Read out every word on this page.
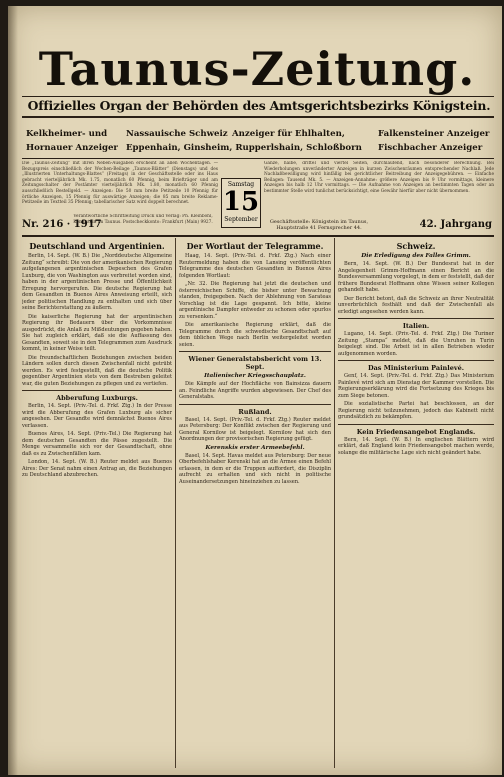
Taunus-Zeitung.
Offizielles Organ der Behörden des Amtsgerichtsbezirks Königstein.
Kelkheimer- und Nassauische Schweiz Anzeiger für Ehlhalten,	Falkensteiner Anzeiger
Hornauer Anzeiger Eppenhain, Ginsheim, Rupperlshain, Schloßborn Fischbacher Anzeiger
Die „Taunus-Zeitung“ mit ihren Neben-Ausgaben erscheint an allen Wochentagen. — Bezugspreis einschließlich der Wochen-Beilage „Taunus-Blätter“ (Dienstags) und des „Illustrierten Unterhaltungs-Blattes“ (Freitags) in der Geschäftsstelle oder ins Haus gebracht vierteljährlich Mk. 1.75, monatlich 60 Pfennig, beim Briefträger und am Zeitungsschalter der Postämter vierteljährlich Mk. 1.80, monatlich 60 Pfennig ausschließlich Bestellgeld. — Anzeigen: Die 50 mm breite Petitzeile 10 Pfennig für örtliche Anzeigen, 15 Pfennig für auswärtige Anzeigen; die 85 mm breite Reklame-Petitzeile im Textteil 35 Pfennig; tabellarischer Satz wird doppelt berechnet.
Ganze, halbe, drittel und viertel Seiten, durchlaufend, nach besonderer Berechnung. Bei Wiederholungen unveränderter Anzeigen in kurzen Zwischenräumen entsprechender Nachlaß. Jede Nachlaßbewilligung wird hinfällig bei gerichtlicher Beitreibung der Anzeigegebühren. — Einfache Beilagen: Tausend Mk. 5. — Anzeigen-Annahme: größere Anzeigen bis 9 Uhr vormittags, kleinere Anzeigen bis halb 12 Uhr vormittags. — Die Aufnahme von Anzeigen an bestimmten Tagen oder an bestimmter Stelle wird tunlichst berücksichtigt, eine Gewähr hierfür aber nicht übernommen.
Samstag
15
September
Verantwortliche Schriftleitung Druck und Verlag: Ph. Kleinböhl, Königstein im Taunus. Postscheckkonto: Frankfurt (Main) 9927.	Geschäftsstelle: Königstein im Taunus, Hauptstraße 41 Fernsprecher 44.
Nr. 216 · 1917	42. Jahrgang
Deutschland und Argentinien.

Berlin, 14. Sept. (W. B.) Die „Norddeutsche Allgemeine Zeitung“ schreibt: Die von der amerikanischen Regierung aufgefangenen argentinischen Depeschen des Grafen Luxburg, die von Washington aus verbreitet worden sind, haben in der argentinischen Presse und Öffentlichkeit Erregung hervorgerufen. Die deutsche Regierung hat dem Gesandten in Buenos Aires Anweisung erteilt, sich jeder politischen Handlung zu enthalten und sich über seine Berichterstattung zu äußern.

Die kaiserliche Regierung hat der argentinischen Regierung ihr Bedauern über die Vorkommnisse ausgedrückt, die Anlaß zu Mißdeutungen gegeben haben. Sie hat zugleich erklärt, daß sie die Auffassung des Gesandten, soweit sie in den Telegrammen zum Ausdruck kommt, in keiner Weise teilt.

Die freundschaftlichen Beziehungen zwischen beiden Ländern sollen durch diesen Zwischenfall nicht getrübt werden. Es wird festgestellt, daß die deutsche Politik gegenüber Argentinien stets von dem Bestreben geleitet war, die guten Beziehungen zu pflegen und zu vertiefen.

Abberufung Luxburgs.

Berlin, 14. Sept. (Priv.-Tel. d. Frkf. Ztg.) In der Presse wird die Abberufung des Grafen Luxburg als sicher angesehen. Der Gesandte wird demnächst Buenos Aires verlassen.

Buenos Aires, 14. Sept. (Priv.-Tel.) Die Regierung hat dem deutschen Gesandten die Pässe zugestellt. Die Menge versammelte sich vor der Gesandtschaft, ohne daß es zu Zwischenfällen kam.

London, 14. Sept. (W. B.) Reuter meldet aus Buenos Aires: Der Senat nahm einen Antrag an, die Beziehungen zu Deutschland abzubrechen.

Der Wortlaut der Telegramme.

Haag, 14. Sept. (Priv.-Tel. d. Frkf. Ztg.) Nach einer Reutermeldung haben die von Lansing veröffentlichten Telegramme des deutschen Gesandten in Buenos Aires folgenden Wortlaut:

„Nr. 32. Die Regierung hat jetzt die deutschen und österreichischen Schiffe, die bisher unter Bewachung standen, freigegeben. Nach der Ablehnung von Sarateas Vorschlag ist die Lage gespannt. Ich bitte, kleine argentinische Dampfer entweder zu schonen oder spurlos zu versenken.“

Die amerikanische Regierung erklärt, daß die Telegramme durch die schwedische Gesandtschaft auf dem üblichen Wege nach Berlin weitergeleitet worden seien.

Wiener Generalstabsbericht vom 13. Sept.
Italienischer Kriegsschauplatz.

Die Kämpfe auf der Hochfläche von Bainsizza dauern an. Feindliche Angriffe wurden abgewiesen. Der Chef des Generalstabs.

Rußland.

Basel, 14. Sept. (Priv.-Tel. d. Frkf. Ztg.) Reuter meldet aus Petersburg: Der Konflikt zwischen der Regierung und General Kornilow ist beigelegt. Kornilow hat sich den Anordnungen der provisorischen Regierung gefügt.

Kerenskis erster Armeebefehl.

Basel, 14. Sept. Havas meldet aus Petersburg: Der neue Oberbefehlshaber Kerenski hat an die Armee einen Befehl erlassen, in dem er die Truppen auffordert, die Disziplin aufrecht zu erhalten und sich nicht in politische Auseinandersetzungen hineinziehen zu lassen.

Schweiz.
Die Erledigung des Falles Grimm.

Bern, 14. Sept. (W. B.) Der Bundesrat hat in der Angelegenheit Grimm-Hoffmann einen Bericht an die Bundesversammlung vorgelegt, in dem er feststellt, daß der frühere Bundesrat Hoffmann ohne Wissen seiner Kollegen gehandelt habe.

Der Bericht betont, daß die Schweiz an ihrer Neutralität unverbrüchlich festhält und daß der Zwischenfall als erledigt angesehen werden kann.

Italien.

Lugano, 14. Sept. (Priv.-Tel. d. Frkf. Ztg.) Die Turiner Zeitung „Stampa“ meldet, daß die Unruhen in Turin beigelegt sind. Die Arbeit ist in allen Betrieben wieder aufgenommen worden.

Das Ministerium Painlevé.

Genf, 14. Sept. (Priv.-Tel. d. Frkf. Ztg.) Das Ministerium Painlevé wird sich am Dienstag der Kammer vorstellen. Die Regierungserklärung wird die Fortsetzung des Krieges bis zum Siege betonen.

Die sozialistische Partei hat beschlossen, an der Regierung nicht teilzunehmen, jedoch das Kabinett nicht grundsätzlich zu bekämpfen.

Kein Friedensangebot Englands.

Bern, 14. Sept. (W. B.) In englischen Blättern wird erklärt, daß England kein Friedensangebot machen werde, solange die militärische Lage sich nicht geändert habe.
